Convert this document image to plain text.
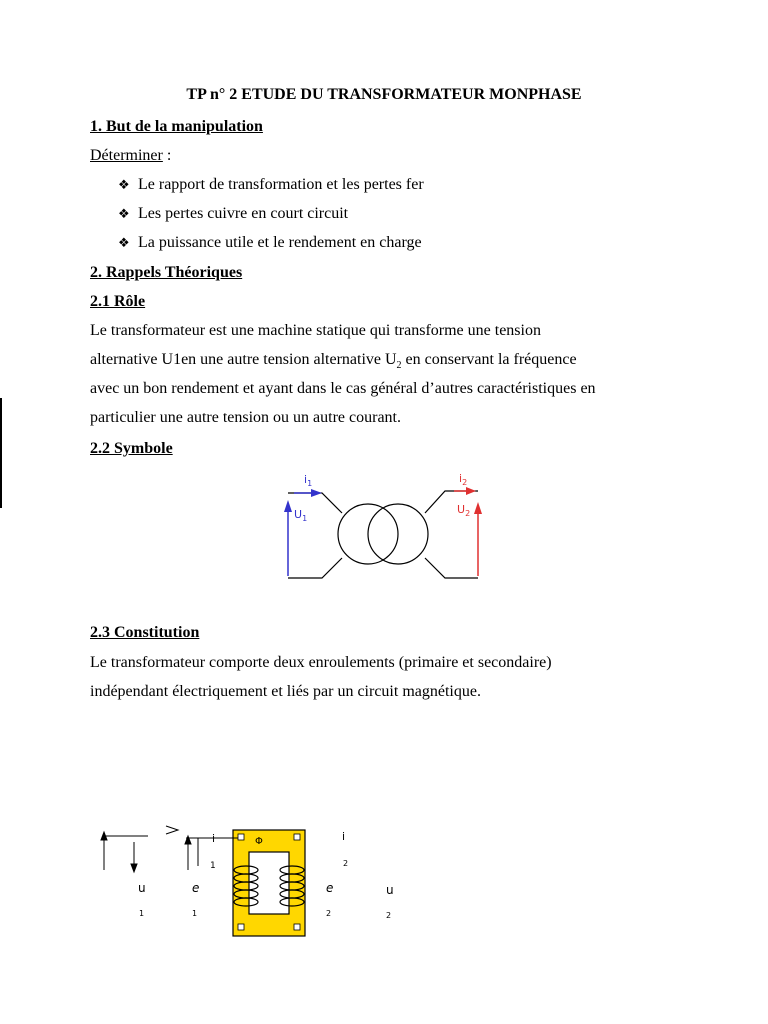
TP n° 2 ETUDE DU TRANSFORMATEUR MONPHASE
1. But de la manipulation
Déterminer :
❖ Le rapport de transformation et les pertes fer
❖ Les pertes cuivre en court circuit
❖ La puissance utile et le rendement en charge
2. Rappels Théoriques
2.1 Rôle
Le transformateur est une machine statique qui transforme une tension
alternative U1en une autre tension alternative $U_2$ en conservant la fréquence
avec un bon rendement et ayant dans le cas général d’autres caractéristiques en
particulier une autre tension ou un autre courant.
2.2 Symbole
$i_1$
$U_1$
$i_2$
$U_2$
2.3 Constitution
Le transformateur comporte deux enroulements (primaire et secondaire)
indépendant électriquement et liés par un circuit magnétique.
Φ
i
1
u
1
e
1
i
2
e
2
u
2
